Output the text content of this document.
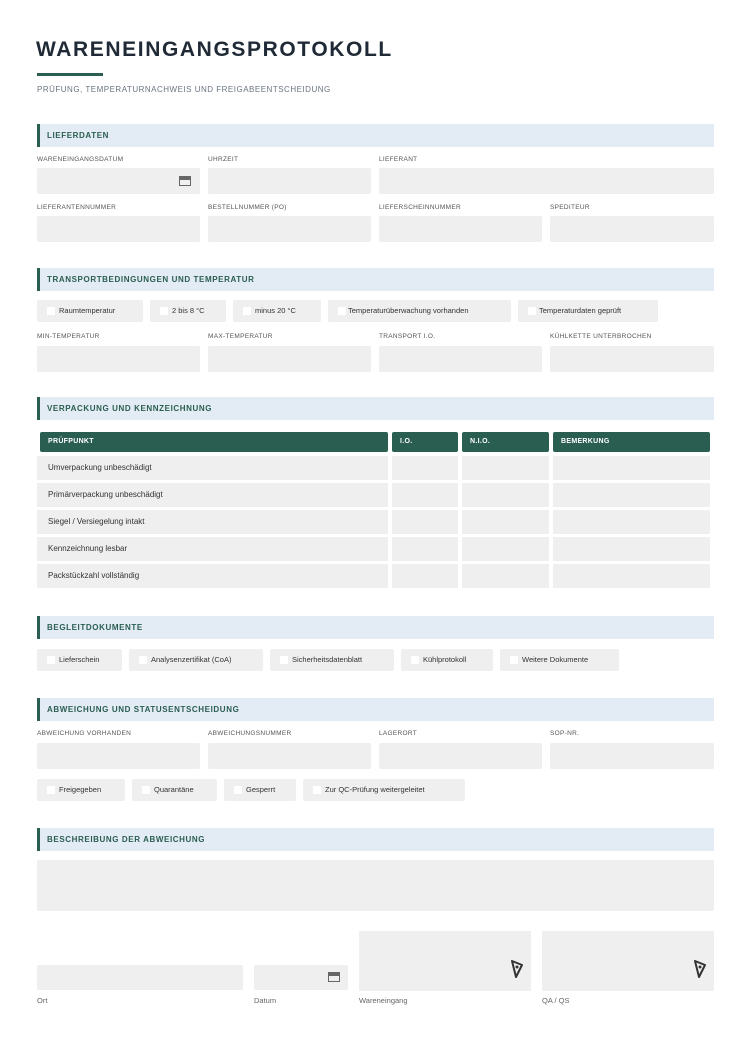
WARENEINGANGSPROTOKOLL
PRÜFUNG, TEMPERATURNACHWEIS UND FREIGABEENTSCHEIDUNG
LIEFERDATEN
WARENEINGANGSDATUM	UHRZEIT	LIEFERANT
LIEFERANTENNUMMER	BESTELLNUMMER (PO)	LIEFERSCHEINNUMMER	SPEDITEUR
TRANSPORTBEDINGUNGEN UND TEMPERATUR
Raumtemperatur	2 bis 8 °C	minus 20 °C	Temperaturüberwachung vorhanden	Temperaturdaten geprüft
MIN-TEMPERATUR	MAX-TEMPERATUR	TRANSPORT I.O.	KÜHLKETTE UNTERBROCHEN
VERPACKUNG UND KENNZEICHNUNG
PRÜFPUNKT	I.O.	N.I.O.	BEMERKUNG
Umverpackung unbeschädigt
Primärverpackung unbeschädigt
Siegel / Versiegelung intakt
Kennzeichnung lesbar
Packstückzahl vollständig
BEGLEITDOKUMENTE
Lieferschein	Analysenzertifikat (CoA)	Sicherheitsdatenblatt	Kühlprotokoll	Weitere Dokumente
ABWEICHUNG UND STATUSENTSCHEIDUNG
ABWEICHUNG VORHANDEN	ABWEICHUNGSNUMMER	LAGERORT	SOP-NR.
Freigegeben	Quarantäne	Gesperrt	Zur QC-Prüfung weitergeleitet
BESCHREIBUNG DER ABWEICHUNG
Ort	Datum	Wareneingang	QA / QS
